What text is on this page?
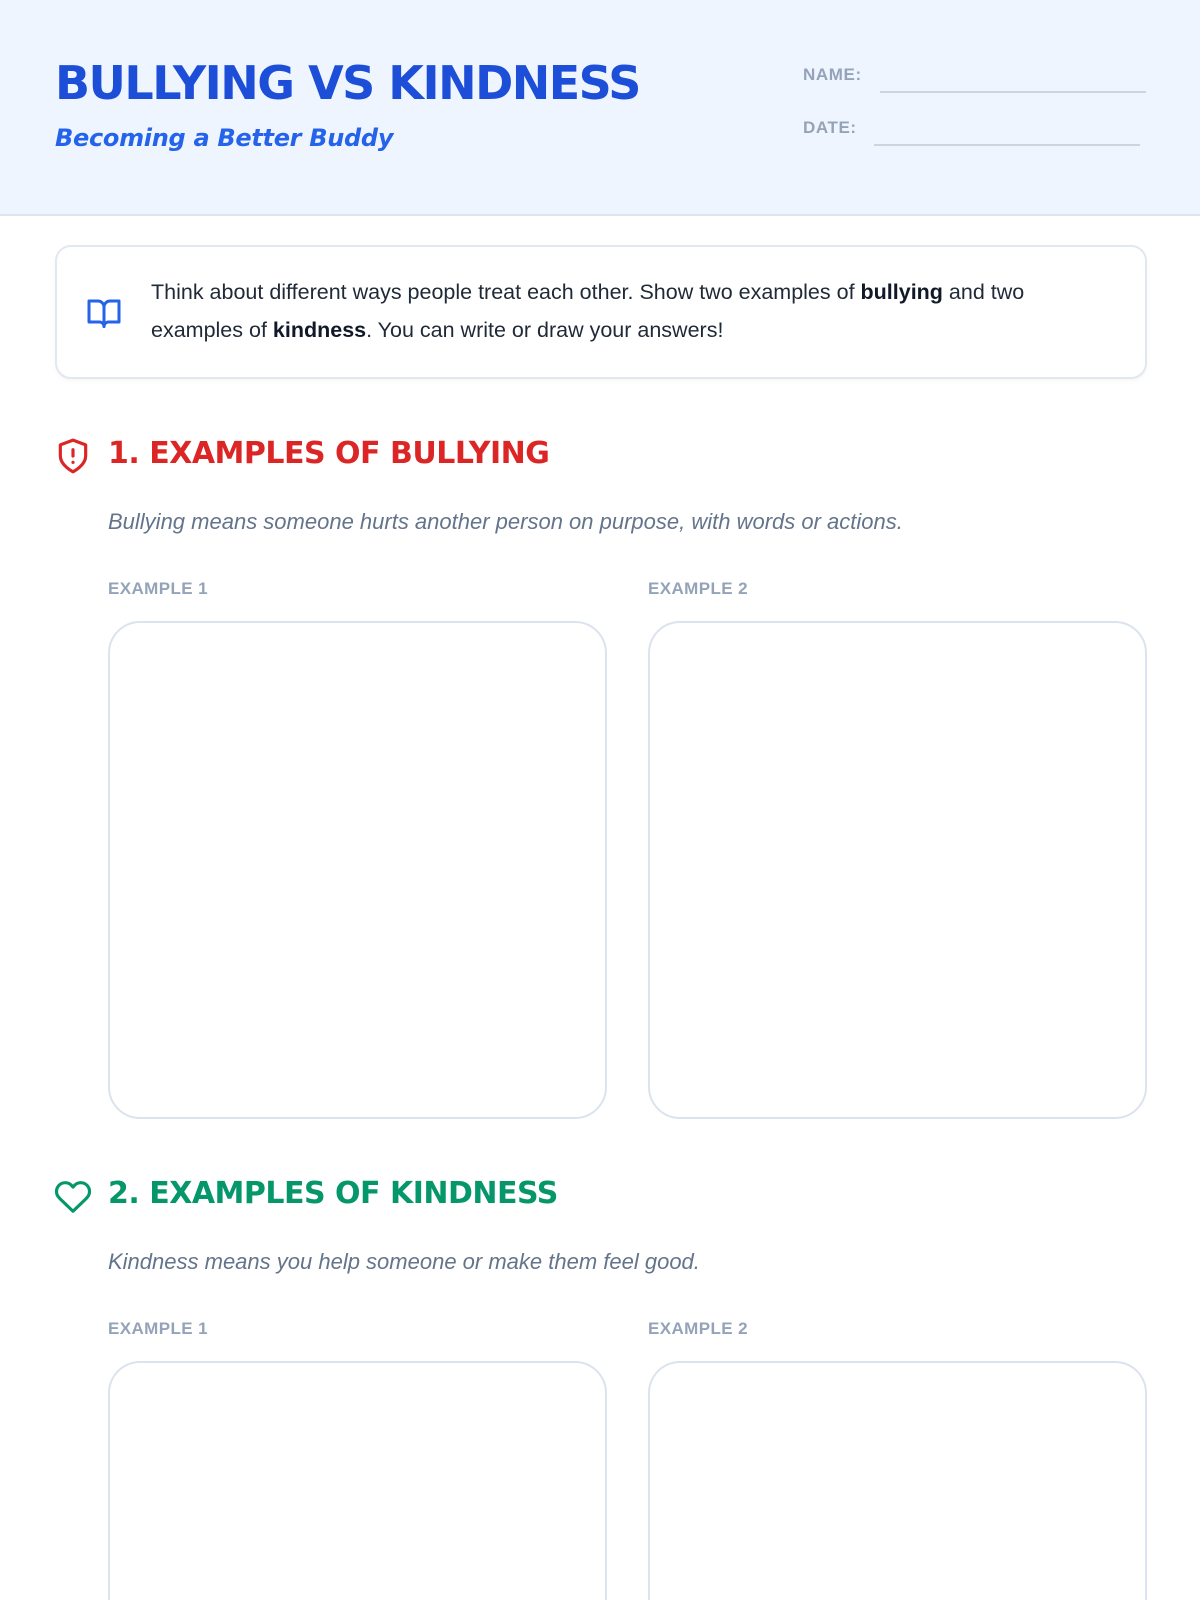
BULLYING VS KINDNESS
Becoming a Better Buddy
NAME:
DATE:
Think about different ways people treat each other. Show two examples of bullying and two examples of kindness. You can write or draw your answers!
1. EXAMPLES OF BULLYING
Bullying means someone hurts another person on purpose, with words or actions.
EXAMPLE 1	EXAMPLE 2
2. EXAMPLES OF KINDNESS
Kindness means you help someone or make them feel good.
EXAMPLE 1	EXAMPLE 2
